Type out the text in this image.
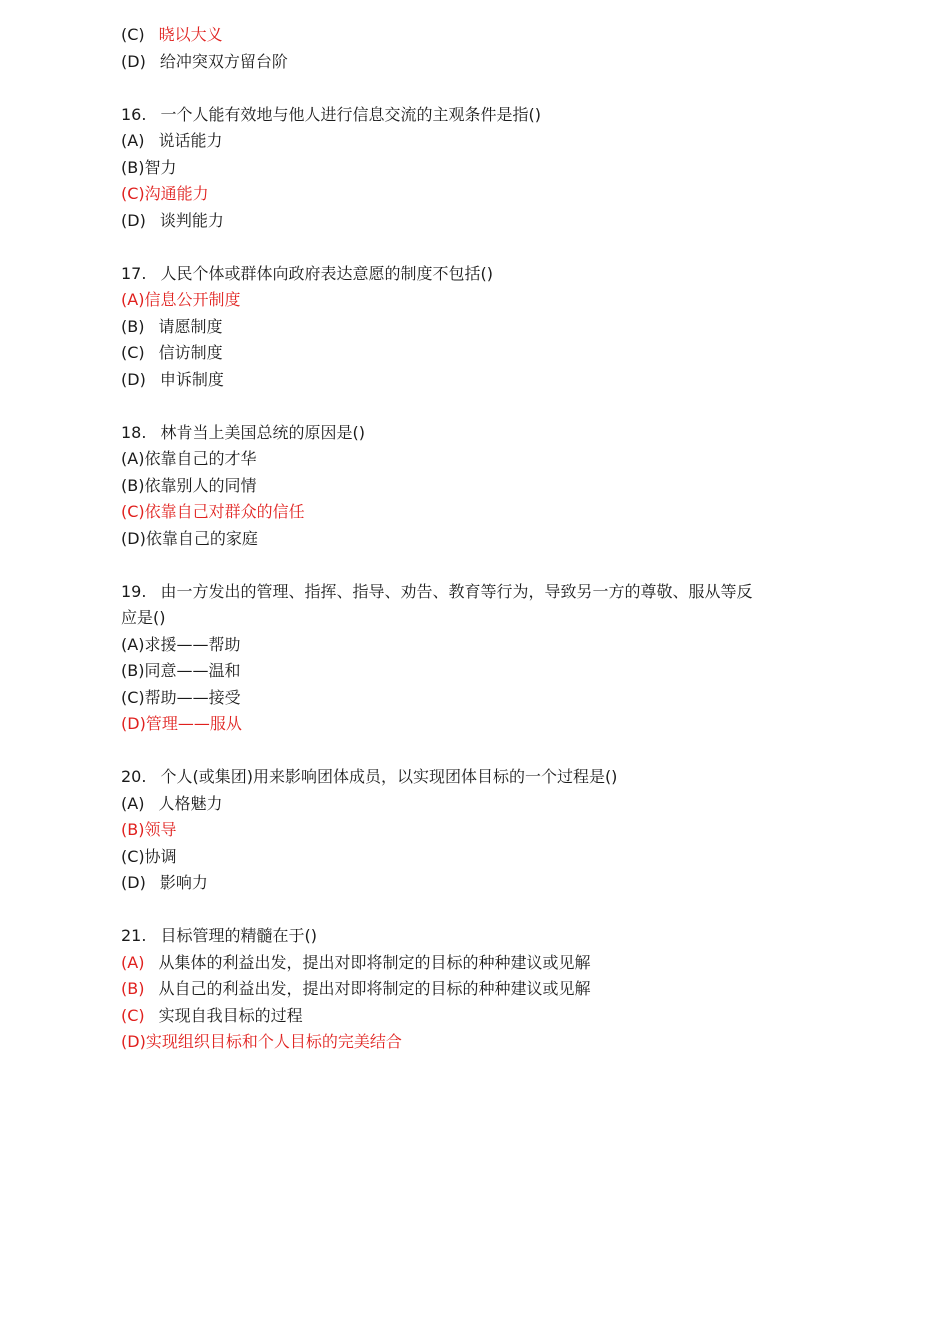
(C) 晓以大义
(D) 给冲突双方留台阶
16. 一个人能有效地与他人进行信息交流的主观条件是指()
(A) 说话能力
(B)智力
(C)沟通能力
(D) 谈判能力
17. 人民个体或群体向政府表达意愿的制度不包括()
(A)信息公开制度
(B) 请愿制度
(C) 信访制度
(D) 申诉制度
18. 林肯当上美国总统的原因是()
(A)依靠自己的才华
(B)依靠别人的同情
(C)依靠自己对群众的信任
(D)依靠自己的家庭
19. 由一方发出的管理、指挥、指导、劝告、教育等行为，导致另一方的尊敬、服从等反
应是()
(A)求援——帮助
(B)同意——温和
(C)帮助——接受
(D)管理——服从
20. 个人(或集团)用来影响团体成员，以实现团体目标的一个过程是()
(A) 人格魅力
(B)领导
(C)协调
(D) 影响力
21. 目标管理的精髓在于()
(A) 从集体的利益出发，提出对即将制定的目标的种种建议或见解
(B) 从自己的利益出发，提出对即将制定的目标的种种建议或见解
(C) 实现自我目标的过程
(D)实现组织目标和个人目标的完美结合
